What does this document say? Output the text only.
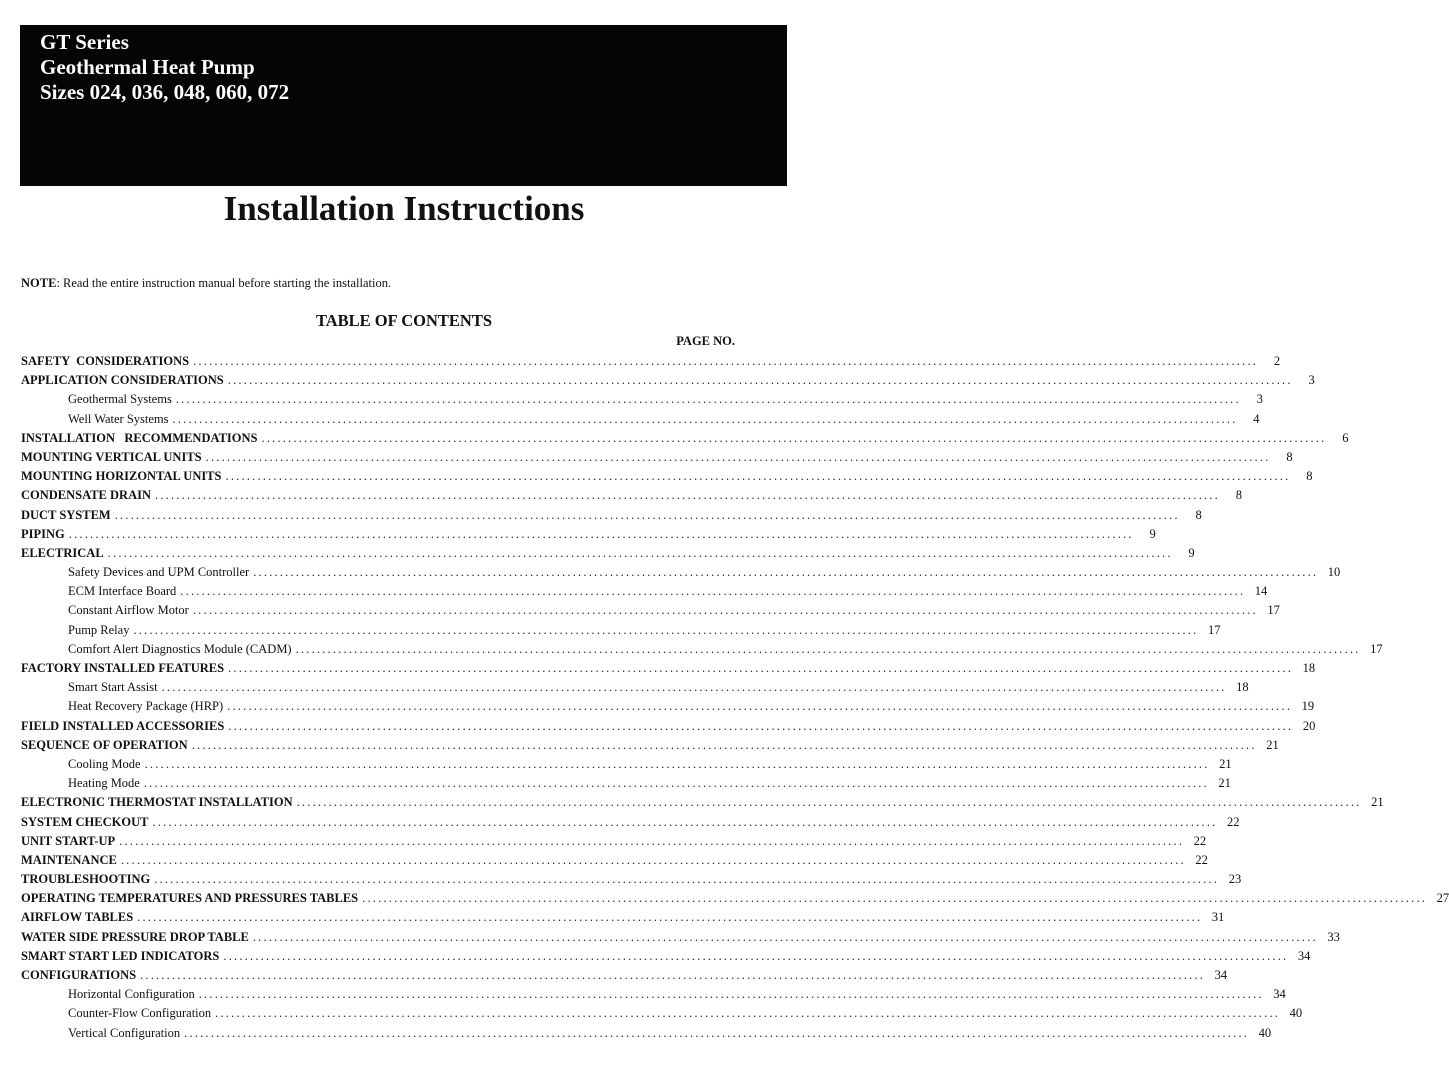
GT Series
Geothermal Heat Pump
Sizes 024, 036, 048, 060, 072
Installation Instructions
NOTE: Read the entire instruction manual before starting the installation.
TABLE OF CONTENTS
PAGE NO.
SAFETY  CONSIDERATIONS ........................................................................................................................................................................................................	2
APPLICATION CONSIDERATIONS ........................................................................................................................................................................................................	3
Geothermal Systems ........................................................................................................................................................................................................	3
Well Water Systems ........................................................................................................................................................................................................	4
INSTALLATION   RECOMMENDATIONS ........................................................................................................................................................................................................	6
MOUNTING VERTICAL UNITS ........................................................................................................................................................................................................	8
MOUNTING HORIZONTAL UNITS ........................................................................................................................................................................................................	8
CONDENSATE DRAIN ........................................................................................................................................................................................................	8
DUCT SYSTEM ........................................................................................................................................................................................................	8
PIPING ........................................................................................................................................................................................................	9
ELECTRICAL ........................................................................................................................................................................................................	9
Safety Devices and UPM Controller ........................................................................................................................................................................................................ 10
ECM Interface Board ........................................................................................................................................................................................................ 14
Constant Airflow Motor ........................................................................................................................................................................................................ 17
Pump Relay ........................................................................................................................................................................................................ 17
Comfort Alert Diagnostics Module (CADM) ........................................................................................................................................................................................................ 17
FACTORY INSTALLED FEATURES ........................................................................................................................................................................................................ 18
Smart Start Assist ........................................................................................................................................................................................................ 18
Heat Recovery Package (HRP) ........................................................................................................................................................................................................ 19
FIELD INSTALLED ACCESSORIES ........................................................................................................................................................................................................ 20
SEQUENCE OF OPERATION ........................................................................................................................................................................................................ 21
Cooling Mode ........................................................................................................................................................................................................ 21
Heating Mode ........................................................................................................................................................................................................ 21
ELECTRONIC THERMOSTAT INSTALLATION ........................................................................................................................................................................................................ 21
SYSTEM CHECKOUT ........................................................................................................................................................................................................ 22
UNIT START-UP ........................................................................................................................................................................................................ 22
MAINTENANCE ........................................................................................................................................................................................................ 22
TROUBLESHOOTING ........................................................................................................................................................................................................ 23
OPERATING TEMPERATURES AND PRESSURES TABLES ........................................................................................................................................................................................................ 27
AIRFLOW TABLES ........................................................................................................................................................................................................ 31
WATER SIDE PRESSURE DROP TABLE ........................................................................................................................................................................................................ 33
SMART START LED INDICATORS ........................................................................................................................................................................................................ 34
CONFIGURATIONS ........................................................................................................................................................................................................ 34
Horizontal Configuration ........................................................................................................................................................................................................ 34
Counter-Flow Configuration ........................................................................................................................................................................................................ 40
Vertical Configuration ........................................................................................................................................................................................................ 40
